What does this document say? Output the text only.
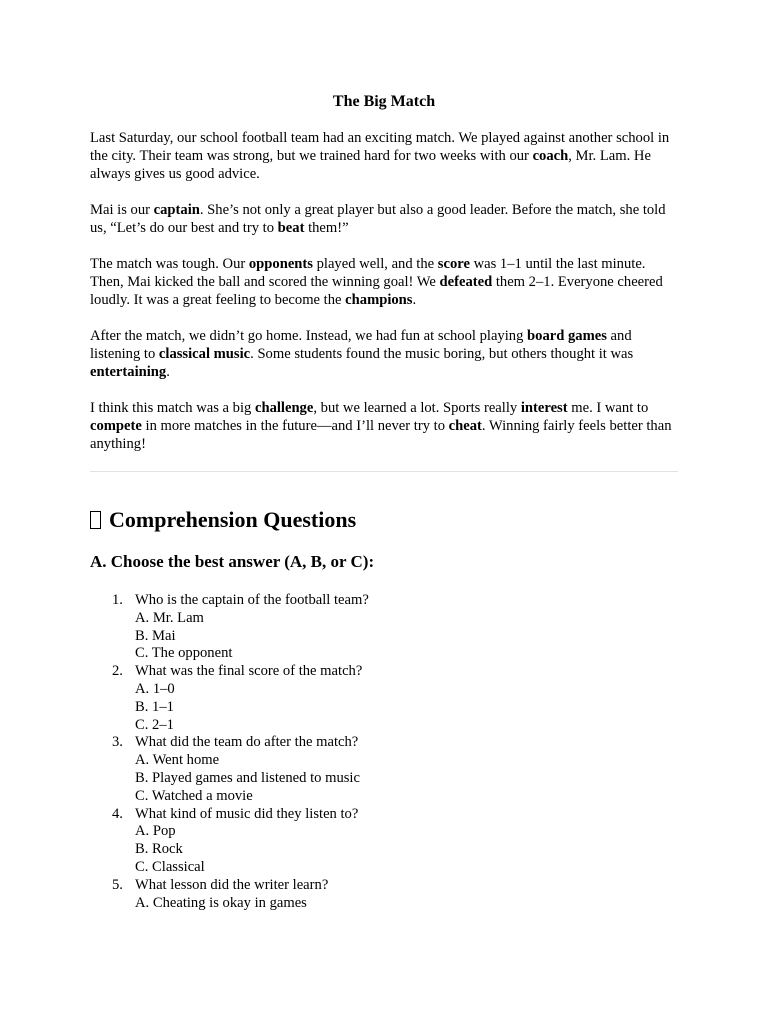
The Big Match

Last Saturday, our school football team had an exciting match. We played against another school in the city. Their team was strong, but we trained hard for two weeks with our coach, Mr. Lam. He always gives us good advice.

Mai is our captain. She’s not only a great player but also a good leader. Before the match, she told us, “Let’s do our best and try to beat them!”

The match was tough. Our opponents played well, and the score was 1–1 until the last minute. Then, Mai kicked the ball and scored the winning goal! We defeated them 2–1. Everyone cheered loudly. It was a great feeling to become the champions.

After the match, we didn’t go home. Instead, we had fun at school playing board games and listening to classical music. Some students found the music boring, but others thought it was entertaining.

I think this match was a big challenge, but we learned a lot. Sports really interest me. I want to compete in more matches in the future—and I’ll never try to cheat. Winning fairly feels better than anything!

Comprehension Questions
A. Choose the best answer (A, B, or C):
1. Who is the captain of the football team?
A. Mr. Lam
B. Mai
C. The opponent
2. What was the final score of the match?
A. 1–0
B. 1–1
C. 2–1
3. What did the team do after the match?
A. Went home
B. Played games and listened to music
C. Watched a movie
4. What kind of music did they listen to?
A. Pop
B. Rock
C. Classical
5. What lesson did the writer learn?
A. Cheating is okay in games
